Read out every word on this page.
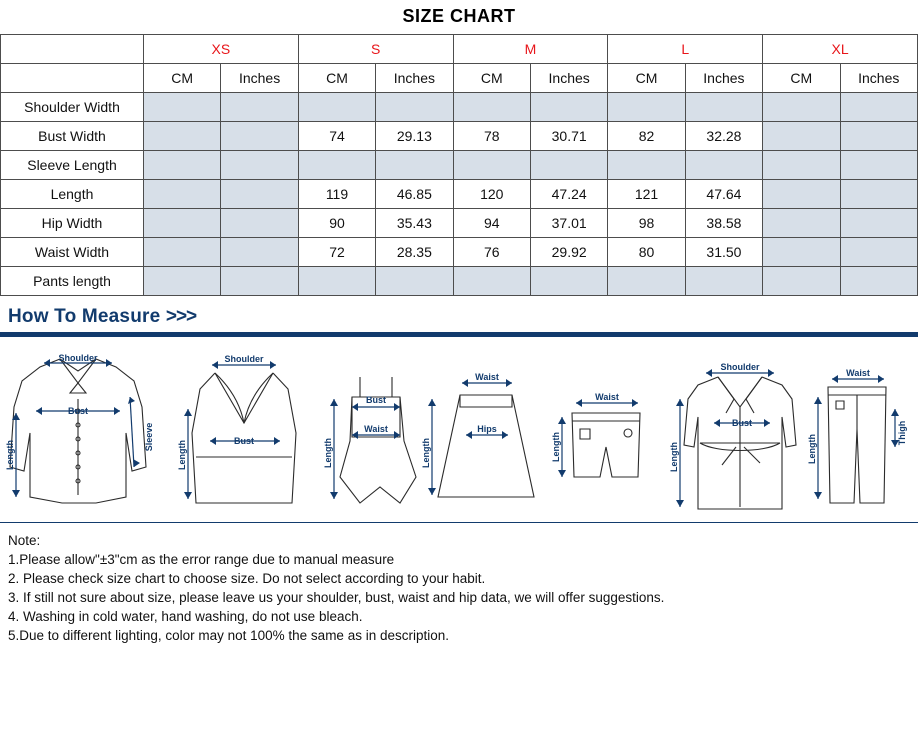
SIZE CHART
	XS		S		M		L		XL	
	CM	Inches	CM	Inches	CM	Inches	CM	Inches	CM	Inches
Shoulder Width										
Bust Width			74	29.13	78	30.71	82	32.28		
Sleeve Length										
Length			119	46.85	120	47.24	121	47.64		
Hip Width			90	35.43	94	37.01	98	38.58		
Waist Width			72	28.35	76	29.92	80	31.50		
Pants length										
How To Measure >>>
Shoulder
Bust
Sleeve
Length
Shoulder
Bust
Length
Bust
Waist
Length
Waist
Hips
Length
Waist
Length
Shoulder
Bust
Length
Waist
Length
Thigh
Note:
1.Please allow"±3"cm as the error range due to manual measure
2. Please check size chart to choose size. Do not select according to your habit.
3. If still not sure about size, please leave us your shoulder, bust, waist and hip data, we will offer suggestions.
4. Washing in cold water, hand washing, do not use bleach.
5.Due to different lighting, color may not 100% the same as in description.
